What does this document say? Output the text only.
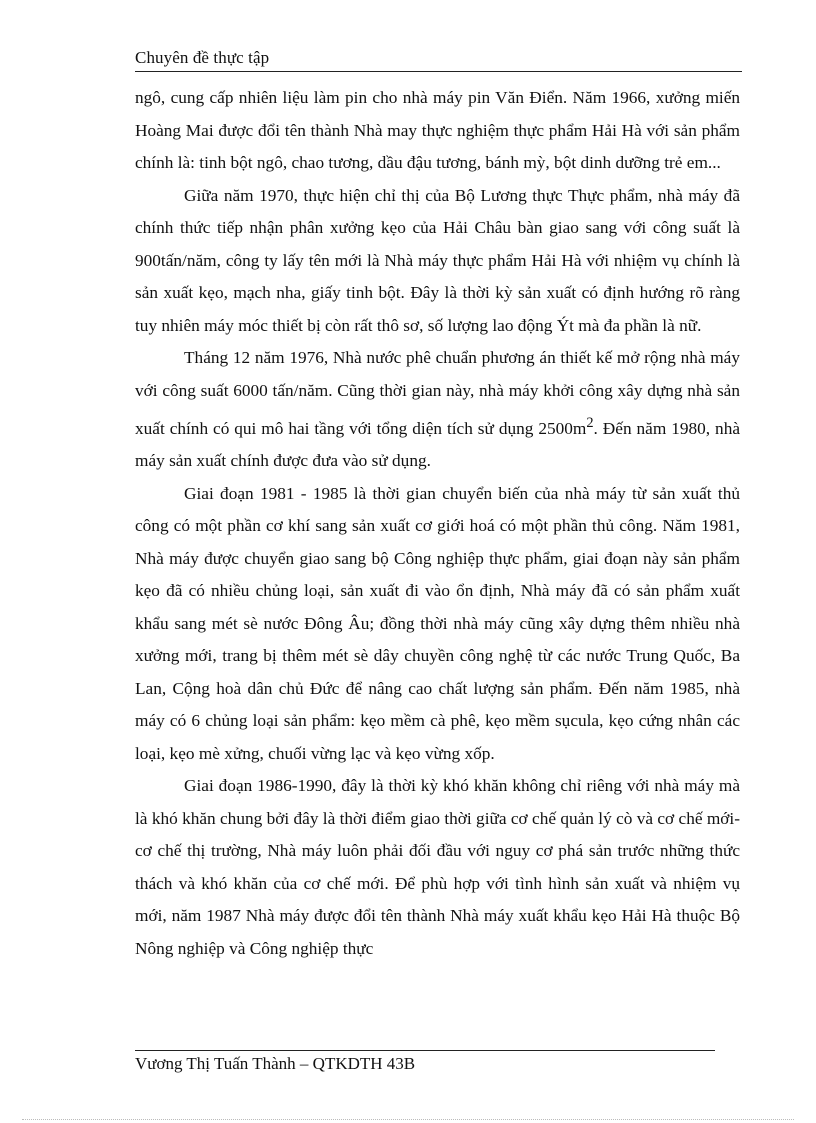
Chuyên đề thực tập

ngô, cung cấp nhiên liệu làm pin cho nhà máy pin Văn Điển. Năm 1966, xưởng miến Hoàng Mai được đổi tên thành Nhà may thực nghiệm thực phẩm Hải Hà với sản phẩm chính là: tinh bột ngô, chao tương, dầu đậu tương, bánh mỳ, bột dinh dưỡng trẻ em...

Giữa năm 1970, thực hiện chỉ thị của Bộ Lương thực Thực phẩm, nhà máy đã chính thức tiếp nhận phân xưởng kẹo của Hải Châu bàn giao sang với công suất là 900tấn/năm, công ty lấy tên mới là Nhà máy thực phẩm Hải Hà với nhiệm vụ chính là sản xuất kẹo, mạch nha, giấy tinh bột. Đây là thời kỳ sản xuất có định hướng rõ ràng tuy nhiên máy móc thiết bị còn rất thô sơ, số lượng lao động Ýt mà đa phần là nữ.

Tháng 12 năm 1976, Nhà nước phê chuẩn phương án thiết kế mở rộng nhà máy với công suất 6000 tấn/năm. Cũng thời gian này, nhà máy khởi công xây dựng nhà sản xuất chính có qui mô hai tầng với tổng diện tích sử dụng $2500m^2$. Đến năm 1980, nhà máy sản xuất chính được đưa vào sử dụng.

Giai đoạn 1981 - 1985 là thời gian chuyển biến của nhà máy từ sản xuất thủ công có một phần cơ khí sang sản xuất cơ giới hoá có một phần thủ công. Năm 1981, Nhà máy được chuyển giao sang bộ Công nghiệp thực phẩm, giai đoạn này sản phẩm kẹo đã có nhiều chủng loại, sản xuất đi vào ổn định, Nhà máy đã có sản phẩm xuất khẩu sang mét sè nước Đông Âu; đồng thời nhà máy cũng xây dựng thêm nhiều nhà xưởng mới, trang bị thêm mét sè dây chuyền công nghệ từ các nước Trung Quốc, Ba Lan, Cộng hoà dân chủ Đức để nâng cao chất lượng sản phẩm. Đến năm 1985, nhà máy có 6 chủng loại sản phẩm: kẹo mềm cà phê, kẹo mềm sụcula, kẹo cứng nhân các loại, kẹo mè xửng, chuối vừng lạc và kẹo vừng xốp.

Giai đoạn 1986-1990, đây là thời kỳ khó khăn không chỉ riêng với nhà máy mà là khó khăn chung bởi đây là thời điểm giao thời giữa cơ chế quản lý cò và cơ chế mới- cơ chế thị trường, Nhà máy luôn phải đối đầu với nguy cơ phá sản trước những thức thách và khó khăn của cơ chế mới. Để phù hợp với tình hình sản xuất và nhiệm vụ mới, năm 1987 Nhà máy được đổi tên thành Nhà máy xuất khẩu kẹo Hải Hà thuộc Bộ Nông nghiệp và Công nghiệp thực

Vương Thị Tuấn Thành – QTKDTH 43B
